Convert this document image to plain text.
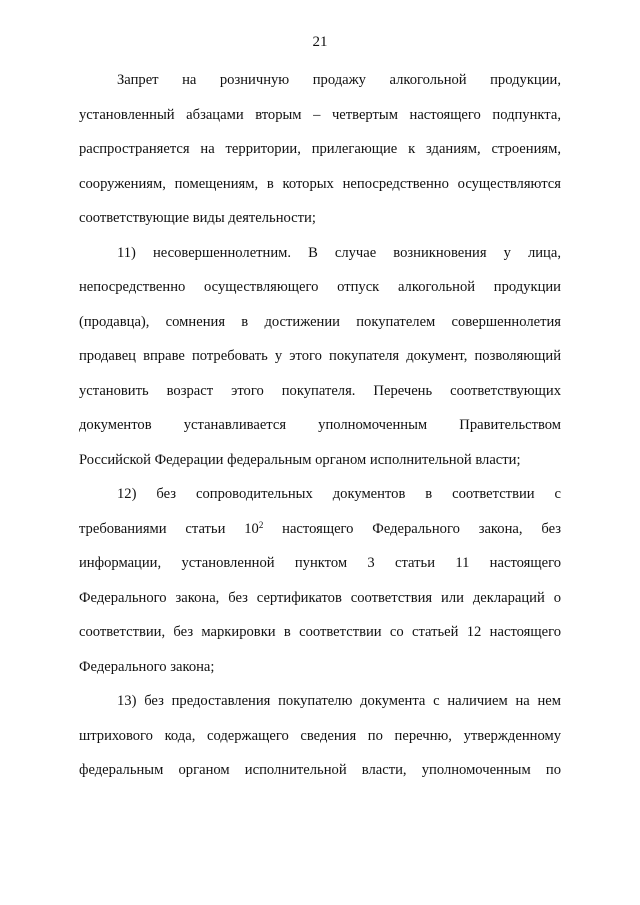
21
Запрет на розничную продажу алкогольной продукции,
установленный абзацами вторым – четвертым настоящего подпункта,
распространяется на территории, прилегающие к зданиям, строениям,
сооружениям, помещениям, в которых непосредственно осуществляются
соответствующие виды деятельности;
11) несовершеннолетним. В случае возникновения у лица,
непосредственно осуществляющего отпуск алкогольной продукции
(продавца), сомнения в достижении покупателем совершеннолетия
продавец вправе потребовать у этого покупателя документ, позволяющий
установить возраст этого покупателя. Перечень соответствующих
документов устанавливается уполномоченным Правительством
Российской Федерации федеральным органом исполнительной власти;
12) без сопроводительных документов в соответствии с
требованиями статьи $10^2$ настоящего Федерального закона, без
информации, установленной пунктом 3 статьи 11 настоящего
Федерального закона, без сертификатов соответствия или деклараций о
соответствии, без маркировки в соответствии со статьей 12 настоящего
Федерального закона;
13) без предоставления покупателю документа с наличием на нем
штрихового кода, содержащего сведения по перечню, утвержденному
федеральным органом исполнительной власти, уполномоченным по
